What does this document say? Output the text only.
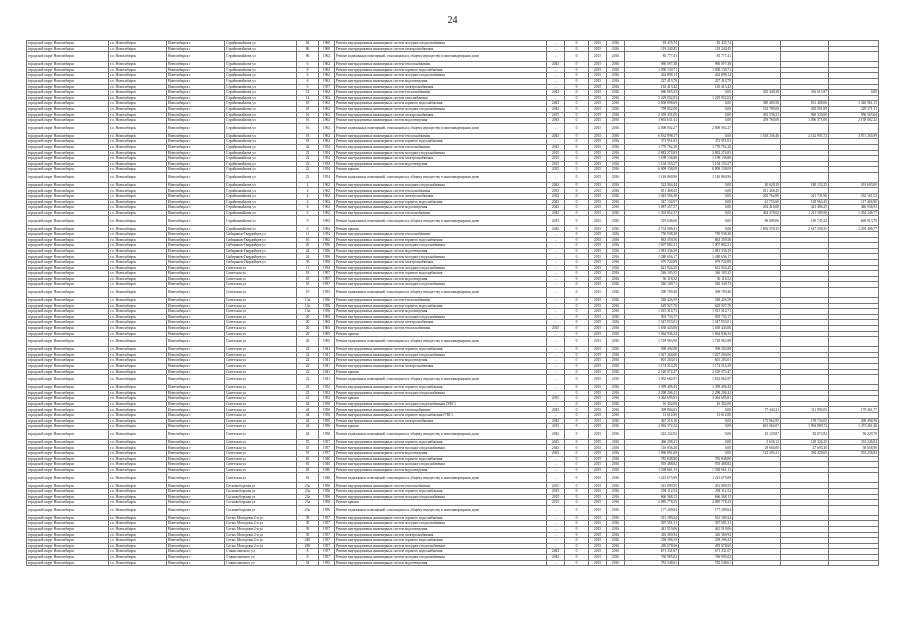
24
городской округ Новосибирск	г.о. Новосибирск	Новосибирск г	Стройизмайлова ул	82	1960	Ремонт внутридомовых инженерных систем холодного водоснабжения	–	0	2015	2016	85 435,74	85 435,74			
городской округ Новосибирск	г.о. Новосибирск	Новосибирск г	Стройизмайлова ул	86	1960	Ремонт внутридомовых инженерных систем электроснабжения	–	0	2015	2016	119 240,45	119 240,45			
городской округ Новосибирск	г.о. Новосибирск	Новосибирск г	Стройизмайлова ул	86	1962	Ремонт подвальных помещений, относящихся к общему имуществу в многоквартирном доме	–	0	2015	2016	85 777,41	85 777,41			
городской округ Новосибирск	г.о. Новосибирск	Новосибирск г	Стройизмайлова ул	6	1962	Ремонт внутридомовых инженерных систем теплоснабжения	2043	0	2015	2016	960 097,38	960 097,38			
городской округ Новосибирск	г.о. Новосибирск	Новосибирск г	Стройизмайлова ул	6	1962	Ремонт внутридомовых инженерных систем горячего водоснабжения	–	0	2015	2016	1 058 130,71	1 058 130,71			
городской округ Новосибирск	г.о. Новосибирск	Новосибирск г	Стройизмайлова ул	6	1962	Ремонт внутридомовых инженерных систем холодного водоснабжения	–	0	2015	2016	262 898,14	262 898,14			
городской округ Новосибирск	г.о. Новосибирск	Новосибирск г	Стройизмайлова ул	6	1962	Ремонт внутридомовых инженерных систем водоотведения	–	0	2015	2016	227 413,79	227 413,79			
городской округ Новосибирск	г.о. Новосибирск	Новосибирск г	Стройизмайлова ул	9	1957	Ремонт внутридомовых инженерных систем электроснабжения	–	0	2015	2016	163 413,42	163 413,42			
городской округ Новосибирск	г.о. Новосибирск	Новосибирск г	Стройизмайлова ул	14	1962	Ремонт внутридомовых инженерных систем теплоснабжения	2043	0	2015	2016	660 065,25	0,00	343 449,38	316 615,87	0,00
городской округ Новосибирск	г.о. Новосибирск	Новосибирск г	Стройизмайлова ул	14	1962	Ремонт внутридомовых инженерных систем газоснабжения	–	0	2015	2016	1 229 052,03	1 229 052,03			
городской округ Новосибирск	г.о. Новосибирск	Новосибирск г	Стройизмайлова ул	18	1962	Ремонт внутридомовых инженерных систем горячего водоснабжения	2043	0	2015	2016	2 658 898,69	0,00	380 469,50	931 468,06	1 346 961,13
городской округ Новосибирск	г.о. Новосибирск	Новосибирск г	Стройизмайлова ул	18	1962	Ремонт внутридомовых инженерных систем холодного водоснабжения	2043	0	2015	2016	799 052,00	0,00	163 789,00	305 891,89	329 371,11
городской округ Новосибирск	г.о. Новосибирск	Новосибирск г	Стройизмайлова ул	16	1962	Ремонт внутридомовых инженерных систем электроснабжения	2015	0	2015	2016	2 359 431,85	0,00	402 536,21	960 330,00	996 565,64
городской округ Новосибирск	г.о. Новосибирск	Новосибирск г	Стройизмайлова ул	16	1962	Ремонт внутридомовых инженерных систем водоотведения	2043	0	2015	2016	1 692 631,41	0,00	459 760,00	1 096 571,00	2 138 062,22
городской округ Новосибирск	г.о. Новосибирск	Новосибирск г	Стройизмайлова ул	16	1962	Ремонт подвальных помещений, относящихся к общему имуществу в многоквартирном доме	–	0	2015	2016	2 008 002,27	2 008 002,27			
городской округ Новосибирск	г.о. Новосибирск	Новосибирск г	Стройизмайлова ул	18	1962	Ремонт внутридомовых инженерных систем теплоснабжения	2043	0	2015	2016	6 632 898,17	0,00	1 618 236,46	2 142 905,72	3 871 265,99
городской округ Новосибирск	г.о. Новосибирск	Новосибирск г	Стройизмайлова ул	18	1962	Ремонт внутридомовых инженерных систем горячего водоснабжения	–	0	2015	2016	372 951,03	372 951,03			
городской округ Новосибирск	г.о. Новосибирск	Новосибирск г	Стройизмайлова ул	22	1954	Ремонт внутридомовых инженерных систем теплоснабжения	2043	0	2015	2016	1 770 762,20	1 770 762,20			
городской округ Новосибирск	г.о. Новосибирск	Новосибирск г	Стройизмайлова ул	22	1954	Ремонт внутридомовых инженерных систем холодного водоснабжения	2015	0	2015	2016	2 882 274,83	2 882 274,83			
городской округ Новосибирск	г.о. Новосибирск	Новосибирск г	Стройизмайлова ул	22	1954	Ремонт внутридомовых инженерных систем электроснабжения	2015	0	2015	2016	1 198 136,86	1 198 136,86			
городской округ Новосибирск	г.о. Новосибирск	Новосибирск г	Стройизмайлова ул	22	1954	Ремонт внутридомовых инженерных систем водоотведения	2015	0	2015	2016	1 104 153,57	1 104 153,57			
городской округ Новосибирск	г.о. Новосибирск	Новосибирск г	Стройизмайлова ул	22	1954	Ремонт крыши	2015	0	2015	2016	6 909 138,09	6 909 138,09			
городской округ Новосибирск	г.о. Новосибирск	Новосибирск г	Стройизмайлова ул	23	1954	Ремонт подвальных помещений, относящихся к общему имуществу в многоквартирном доме	–	0	2015	2016	1 140 860,96	1 140 860,96			
городской округ Новосибирск	г.о. Новосибирск	Новосибирск г	Стройизмайлова ул	4	1962	Ремонт внутридомовых инженерных систем холодного водоснабжения	2043	0	2015	2016	522 364,44	0,00	40 628,19	180 133,25	301 603,00
городской округ Новосибирск	г.о. Новосибирск	Новосибирск г	Стройизмайлова ул	4	1962	Ремонт внутридомовых инженерных систем теплоснабжения	2015	0	2015	2016	811 468,45	0,00	811 468,45		
городской округ Новосибирск	г.о. Новосибирск	Новосибирск г	Стройизмайлова ул	4	1962	Ремонт внутридомовых инженерных систем электроснабжения	2015	0	2015	2016	1 045 566,38	0,00	203 764,80	241 741,96	532 161,52
городской округ Новосибирск	г.о. Новосибирск	Новосибирск г	Стройизмайлова ул	4	1962	Ремонт внутридомовых инженерных систем горячего водоснабжения	2043	0	2015	2016	347 134,97	0,00	61 754,66	128 964,45	117 466,90
городской округ Новосибирск	г.о. Новосибирск	Новосибирск г	Стройизмайлова ул	6	1962	Ремонт внутридомовых инженерных систем водоотведения	2043	0	2015	2016	1 087 357,57	0,00	204 416,68	341 486,25	446 936,93
городской округ Новосибирск	г.о. Новосибирск	Новосибирск г	Стройизмайлова ул	6	1962	Ремонт внутридомовых инженерных систем теплоснабжения	2043	0	2015	2016	1 303 852,37	0,00	404 278,62	1 211 309,56	1 454 246,77
городской округ Новосибирск	г.о. Новосибирск	Новосибирск г	Стройизмайлова ул	9	1962	Ремонт подвальных помещений, относящихся к общему имуществу в многоквартирном доме	2015	0	2015	2016	319 646,06	0,00	90 609,06	149 745,22	669 913,79
городской округ Новосибирск	г.о. Новосибирск	Новосибирск г	Стройизмайлова ул	6	1962	Ремонт крыши	2043	0	2015	2016	2 734 006,31	0,00	1 692 378,15	2 617 338,25	2 295 406,77
городской округ Новосибирск	г.о. Новосибирск	Новосибирск г	Сибиряков-Гвардейцев ул	11	1954	Ремонт внутридомовых инженерных систем теплоснабжения	–	0	2015	2016	750 938,20	750 938,20			
городской округ Новосибирск	г.о. Новосибирск	Новосибирск г	Сибиряков-Гвардейцев ул	16	1962	Ремонт внутридомовых инженерных систем горячего водоснабжения	–	0	2015	2016	863 359,56	863 359,56			
городской округ Новосибирск	г.о. Новосибирск	Новосибирск г	Сибиряков-Гвардейцев ул	20	1956	Ремонт внутридомовых инженерных систем холодного водоснабжения	–	0	2015	2016	1 007 882,21	1 007 882,21			
городской округ Новосибирск	г.о. Новосибирск	Новосибирск г	Сибиряков-Гвардейцев ул	24	1956	Ремонт внутридомовых инженерных систем водоотведения	–	0	2015	2016	1 081 336,39	1 081 336,39			
городской округ Новосибирск	г.о. Новосибирск	Новосибирск г	Сибиряков-Гвардейцев ул	24	1956	Ремонт внутридомовых инженерных систем холодного водоснабжения	–	0	2015	2016	1 280 656,17	1 280 656,17			
городской округ Новосибирск	г.о. Новосибирск	Новосибирск г	Сибиряков-Гвардейцев ул	36	1956	Ремонт внутридомовых инженерных систем электроснабжения	–	0	2015	2016	679 724,89	679 724,89			
городской округ Новосибирск	г.о. Новосибирск	Новосибирск г	Советская ул	11	1954	Ремонт внутридомовых инженерных систем холодного водоснабжения	–	0	2015	2016	621 924,25	621 924,25			
городской округ Новосибирск	г.о. Новосибирск	Новосибирск г	Советская ул	18	1997	Ремонт внутридомовых инженерных систем горячего водоснабжения	–	0	2015	2016	546 105,35	546 105,35			
городской округ Новосибирск	г.о. Новосибирск	Новосибирск г	Советская ул	18	1997	Ремонт внутридомовых инженерных систем водоотведения	–	0	2015	2016	56 116,52	56 116,52			
городской округ Новосибирск	г.о. Новосибирск	Новосибирск г	Советская ул	18	1997	Ремонт внутридомовых инженерных систем холодного водоснабжения	–	0	2015	2016	540 349,71	540 349,71			
городской округ Новосибирск	г.о. Новосибирск	Новосибирск г	Советская ул	19	1955	Ремонт подвальных помещений, относящихся к общему имуществу в многоквартирном доме	–	0	2015	2016	590 769,40	590 769,40			
городской округ Новосибирск	г.о. Новосибирск	Новосибирск г	Советская ул	13а	1956	Ремонт внутридомовых инженерных систем теплоснабжения	–	0	2015	2016	548 426,59	548 426,59			
городской округ Новосибирск	г.о. Новосибирск	Новосибирск г	Советская ул	13а	1956	Ремонт внутридомовых инженерных систем горячего водоснабжения	–	0	2015	2016	629 927,70	629 927,70			
городской округ Новосибирск	г.о. Новосибирск	Новосибирск г	Советская ул	13а	1956	Ремонт внутридомовых инженерных систем водоотведения	–	0	2015	2016	1 015 314,71	1 015 314,71			
городской округ Новосибирск	г.о. Новосибирск	Новосибирск г	Советская ул	20	1965	Ремонт внутридомовых инженерных систем холодного водоснабжения	–	0	2015	2016	903 733,17	903 733,17			
городской округ Новосибирск	г.о. Новосибирск	Новосибирск г	Советская ул	20	1965	Ремонт внутридомовых инженерных систем электроснабжения	–	0	2015	2016	1 547 053,01	1 547 053,01			
городской округ Новосибирск	г.о. Новосибирск	Новосибирск г	Советская ул	20	1965	Ремонт внутридомовых инженерных систем теплоснабжения	2015	0	2015	2016	1 638 443,06	1 638 443,06			
городской округ Новосибирск	г.о. Новосибирск	Новосибирск г	Советская ул	20	1965	Ремонт крыши	–	0	2015	2016	1 064 846,34	1 064 846,34			
городской округ Новосибирск	г.о. Новосибирск	Новосибирск г	Советская ул	20	1965	Ремонт подвальных помещений, относящихся к общему имуществу в многоквартирном доме	–	0	2015	2016	1 729 963,98	1 729 963,98			
городской округ Новосибирск	г.о. Новосибирск	Новосибирск г	Советская ул	22	1941	Ремонт внутридомовых инженерных систем горячего водоснабжения	–	0	2015	2016	598 202,88	598 202,88			
городской округ Новосибирск	г.о. Новосибирск	Новосибирск г	Советская ул	22	1941	Ремонт внутридомовых инженерных систем холодного водоснабжения	–	0	2015	2016	1 027 264,06	1 027 264,06			
городской округ Новосибирск	г.о. Новосибирск	Новосибирск г	Советская ул	22	1941	Ремонт внутридомовых инженерных систем водоотведения	–	0	2015	2016	601 203,01	601 203,01			
городской округ Новосибирск	г.о. Новосибирск	Новосибирск г	Советская ул	22	1941	Ремонт внутридомовых инженерных систем электроснабжения	–	0	2015	2016	1 174 314,29	1 174 314,29			
городской округ Новосибирск	г.о. Новосибирск	Новосибирск г	Советская ул	22	1941	Ремонт крыши	–	0	2015	2016	2 520 072,47	2 520 072,47			
городской округ Новосибирск	г.о. Новосибирск	Новосибирск г	Советская ул	22	1941	Ремонт подвальных помещений, относящихся к общему имуществу в многоквартирном доме	–	0	2015	2016	1 052 662,97	1 052 662,97			
городской округ Новосибирск	г.о. Новосибирск	Новосибирск г	Советская ул	23	1952	Ремонт внутридомовых инженерных систем горячего водоснабжения	–	0	2015	2016	1 399 406,45	1 399 406,45			
городской округ Новосибирск	г.о. Новосибирск	Новосибирск г	Советская ул	23	1952	Ремонт внутридомовых инженерных систем холодного водоснабжения	–	0	2015	2016	2 298 206,22	2 298 206,22			
городской округ Новосибирск	г.о. Новосибирск	Новосибирск г	Советская ул	23	1952	Ремонт крыши	2015	0	2015	2016	3 464 695,81	3 464 695,81			
городской округ Новосибирск	г.о. Новосибирск	Новосибирск г	Советская ул	44	1950	Ремонт внутридомовых инженерных систем холодного водоснабжения (ХВС)	–	0	2015	2016	16 452,00	16 452,00			
городской округ Новосибирск	г.о. Новосибирск	Новосибирск г	Советская ул	44	1950	Ремонт внутридомовых инженерных систем теплоснабжения	2043	0	2015	2016	309 804,65	0,00	77 444,21	111 992,05	179 461,77
городской округ Новосибирск	г.о. Новосибирск	Новосибирск г	Советская ул	44	1950	Ремонт внутридомовых инженерных систем горячего водоснабжения (ГВС)	–	0	2015	2016	13 612,00	13 612,00			
городской округ Новосибирск	г.о. Новосибирск	Новосибирск г	Советская ул	44	1950	Ремонт внутридомовых инженерных систем электроснабжения	2043	0	2015	2016	467 216,16	0,00	172 062,95	159 734,65	409 494,56
городской округ Новосибирск	г.о. Новосибирск	Новосибирск г	Советская ул	44	1950	Ремонт крыши	2015	0	2015	2016	2 063 372,32	0,00	661 064,07	1 094 889,74	1 473 461,46
городской округ Новосибирск	г.о. Новосибирск	Новосибирск г	Советская ул	44	1950	Ремонт подвальных помещений, относящихся к общему имуществу в многоквартирном доме	2043	0	2015	2016	222 232,92	0,00	43 129,87	82 872,82	96 229,79
городской округ Новосибирск	г.о. Новосибирск	Новосибирск г	Советская ул	55	1957	Ремонт внутридомовых инженерных систем горячего водоснабжения	2043	0	2015	2016	466 208,41	0,00	3 636,12	129 326,25	333 246,04
городской округ Новосибирск	г.о. Новосибирск	Новосибирск г	Советская ул	55	1957	Ремонт внутридомовых инженерных систем холодного водоснабжения	2043	0	2015	2016	116 036,20	0,00	29 684,00	27 693,30	58 658,90
городской округ Новосибирск	г.о. Новосибирск	Новосибирск г	Советская ул	55	1957	Ремонт внутридомовых инженерных систем водоотведения	2043	0	2015	2016	1 060 961,68	0,00	113 295,21	394 429,65	553 236,82
городской округ Новосибирск	г.о. Новосибирск	Новосибирск г	Советская ул	65	1940	Ремонт внутридомовых инженерных систем горячего водоснабжения	–	0	2015	2016	782 848,80	782 848,80			
городской округ Новосибирск	г.о. Новосибирск	Новосибирск г	Советская ул	65	1940	Ремонт внутридомовых инженерных систем холодного водоснабжения	–	0	2015	2016	593 488,82	593 488,82			
городской округ Новосибирск	г.о. Новосибирск	Новосибирск г	Советская ул	65	1940	Ремонт внутридомовых инженерных систем водоотведения	–	0	2015	2016	1 338 661,13	1 338 661,13			
городской округ Новосибирск	г.о. Новосибирск	Новосибирск г	Советская ул	65	1940	Ремонт подвальных помещений, относящихся к общему имуществу в многоквартирном доме	–	0	2015	2016	1 223 675,89	1 223 675,89			
городской округ Новосибирск	г.о. Новосибирск	Новосибирск г	Сосновоборская ул	23а	1956	Ремонт внутридомовых инженерных систем теплоснабжения	2015	0	2015	2016	261 809,55	261 809,55			
городской округ Новосибирск	г.о. Новосибирск	Новосибирск г	Сосновоборская ул	23а	1956	Ремонт внутридомовых инженерных систем горячего водоснабжения	2015	0	2015	2016	294 112,52	294 112,52			
городской округ Новосибирск	г.о. Новосибирск	Новосибирск г	Сосновоборская ул	23а	1956	Ремонт внутридомовых инженерных систем холодного водоснабжения	2015	0	2015	2016	666 368,13	666 368,13			
городской округ Новосибирск	г.о. Новосибирск	Новосибирск г	Сосновоборская ул	23а	1956	Ремонт крыши	2015	0	2015	2016	2 085 778,25	2 085 778,25			
городской округ Новосибирск	г.о. Новосибирск	Новосибирск г	Сосновоборская ул	23а	1956	Ремонт подвальных помещений, относящихся к общему имуществу в многоквартирном доме	–	0	2015	2016	177 209,64	177 209,64			
городской округ Новосибирск	г.о. Новосибирск	Новосибирск г	Сотых Молодежи 2-я ул	39	1957	Ремонт внутридомовых инженерных систем горячего водоснабжения	–	0	2015	2016	541 189,24	541 189,24			
городской округ Новосибирск	г.о. Новосибирск	Новосибирск г	Сотых Молодежи 2-я ул	39	1957	Ремонт внутридомовых инженерных систем холодного водоснабжения	–	0	2015	2016	397 581,31	397 581,31			
городской округ Новосибирск	г.о. Новосибирск	Новосибирск г	Сотых Молодежи 2-я ул	39	1957	Ремонт внутридомовых инженерных систем водоотведения	–	0	2015	2016	441 519,06	441 519,06			
городской округ Новосибирск	г.о. Новосибирск	Новосибирск г	Сотых Молодежи 2-я ул	39	1957	Ремонт внутридомовых инженерных систем электроснабжения	–	0	2015	2016	416 369,94	416 369,94			
городской округ Новосибирск	г.о. Новосибирск	Новосибирск г	Сотых Молодежи 2-я ул	28б	1957	Ремонт внутридомовых инженерных систем горячего водоснабжения	–	0	2015	2016	258 296,53	258 296,53			
городской округ Новосибирск	г.о. Новосибирск	Новосибирск г	Сотых Молодежи 2-я ул	28б	1957	Ремонт внутридомовых инженерных систем холодного водоснабжения	–	0	2015	2016	439 078,60	439 078,60			
городской округ Новосибирск	г.о. Новосибирск	Новосибирск г	Станиславского ул	8	1957	Ремонт внутридомовых инженерных систем горячего водоснабжения	2043	0	2015	2016	671 331,67	671 331,67			
городской округ Новосибирск	г.о. Новосибирск	Новосибирск г	Станиславского ул	8	1957	Ремонт внутридомовых инженерных систем холодного водоснабжения	2043	0	2015	2016	760 985,02	760 985,02			
городской округ Новосибирск	г.о. Новосибирск	Новосибирск г	Станиславского ул	34	1955	Ремонт внутридомовых инженерных систем водоотведения	–	0	2015	2016	782 548,61	782 548,61			
